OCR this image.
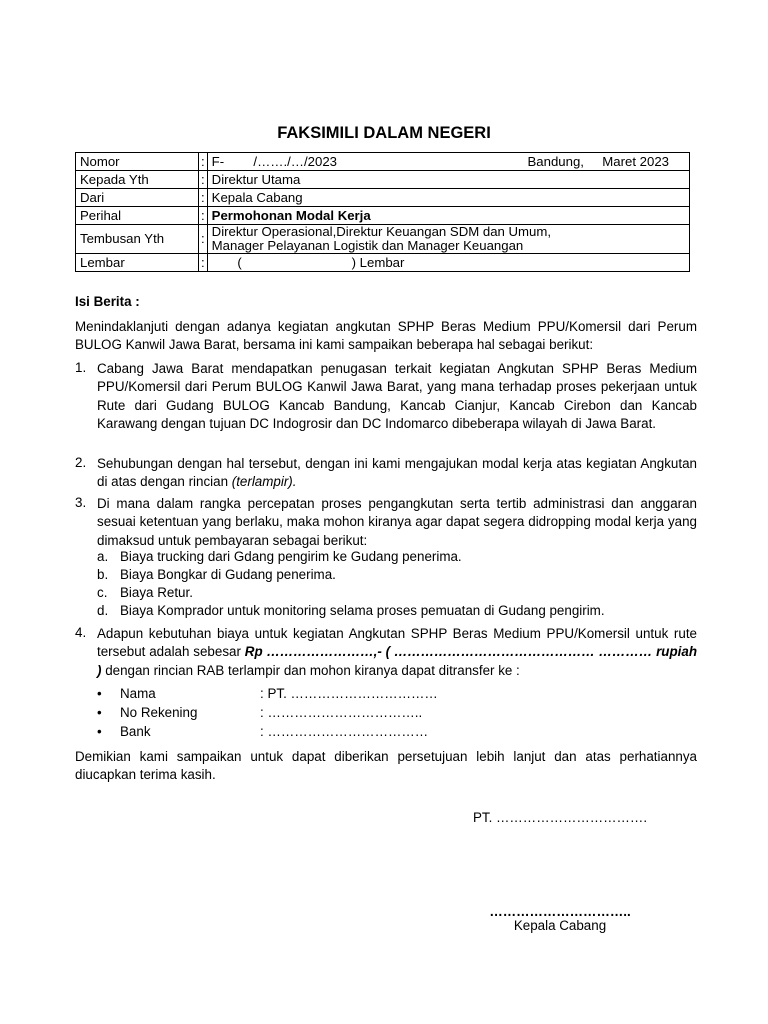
FAKSIMILI DALAM NEGERI
Nomor	:	F-        /……./…/2023 Bandung,     Maret 2023

Kepada Yth	:	Direktur Utama
Dari	:	Kepala Cabang
Perihal	:	Permohonan Modal Kerja
Tembusan Yth	:	Direktur Operasional,Direktur Keuangan SDM dan Umum,
Manager Pelayanan Logistik dan Manager Keuangan

Lembar	:	(                              ) Lembar
Isi Berita :
Menindaklanjuti dengan adanya kegiatan angkutan SPHP Beras Medium PPU/Komersil dari Perum BULOG Kanwil Jawa Barat, bersama ini kami sampaikan beberapa hal sebagai berikut:
1. Cabang Jawa Barat mendapatkan penugasan terkait kegiatan Angkutan SPHP Beras Medium PPU/Komersil dari Perum BULOG Kanwil Jawa Barat, yang mana terhadap proses pekerjaan untuk Rute dari Gudang BULOG Kancab Bandung, Kancab Cianjur, Kancab Cirebon dan Kancab Karawang dengan tujuan DC Indogrosir dan DC Indomarco dibeberapa wilayah di Jawa Barat.
2. Sehubungan dengan hal tersebut, dengan ini kami mengajukan modal kerja atas kegiatan Angkutan di atas dengan rincian (terlampir).
3. Di mana dalam rangka percepatan proses pengangkutan serta tertib administrasi dan anggaran sesuai ketentuan yang berlaku, maka mohon kiranya agar dapat segera didropping modal kerja yang dimaksud untuk pembayaran sebagai berikut:
a. Biaya trucking dari Gdang pengirim ke Gudang penerima.
b. Biaya Bongkar di Gudang penerima.
c. Biaya Retur.
d. Biaya Komprador untuk monitoring selama proses pemuatan di Gudang pengirim.
4. Adapun kebutuhan biaya untuk kegiatan Angkutan SPHP Beras Medium PPU/Komersil untuk rute tersebut adalah sebesar Rp ……………………,- ( ……………………………………… ………… rupiah ) dengan rincian RAB terlampir dan mohon kiranya dapat ditransfer ke :
• Nama	: PT. ……………………………
• No Rekening	: ……………………………..
• Bank	: ………………………………
Demikian kami sampaikan untuk dapat diberikan persetujuan lebih lanjut dan atas perhatiannya diucapkan terima kasih.
PT. …………………………….
…………………………..
Kepala Cabang
